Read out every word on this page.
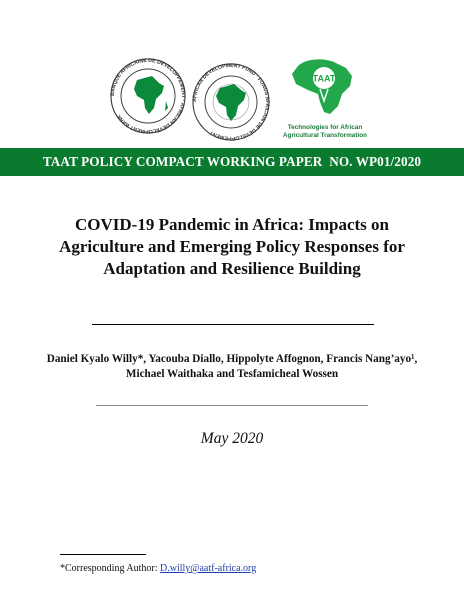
BANQUE AFRICAINE DE DEVELOPPEMENT · AFRICAN DEVELOPMENT BANK
AFRICAN DEVELOPMENT FUND · FONDS AFRICAIN DE DEVELOPPEMENT
TAAT
Technologies for African
Agricultural Transformation
TAAT POLICY COMPACT WORKING PAPER  NO. WP01/2020
COVID-19 Pandemic in Africa: Impacts on
Agriculture and Emerging Policy Responses for
Adaptation and Resilience Building
Daniel Kyalo Willy*, Yacouba Diallo, Hippolyte Affognon, Francis Nang’ayo¹,
Michael Waithaka and Tesfamicheal Wossen
May 2020
*Corresponding Author: D.willy@aatf-africa.org
